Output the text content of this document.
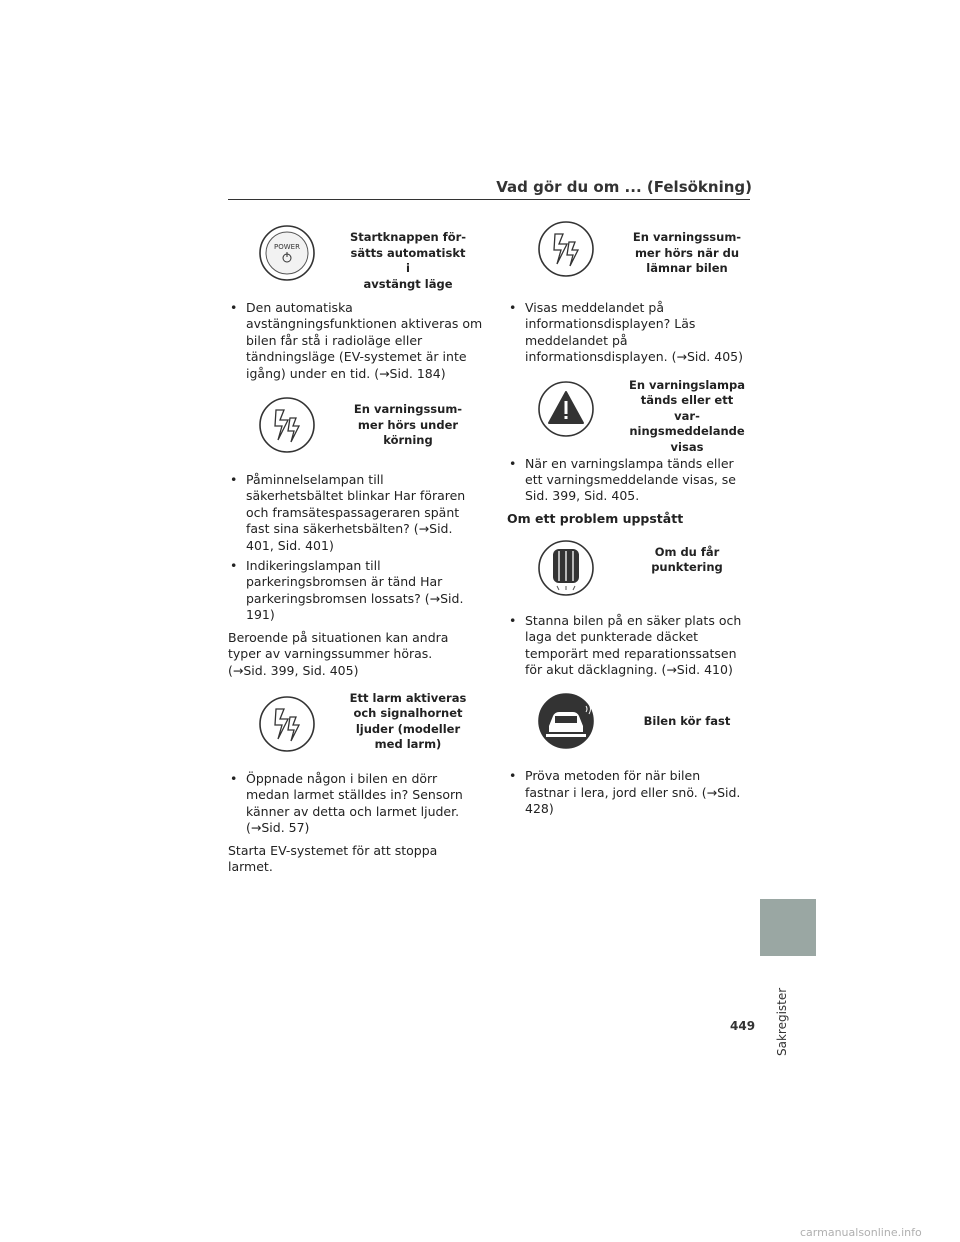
Vad gör du om ... (Felsökning)
POWER
Startknappen för-
sätts automatiskt i
avstängt läge

• Den automatiska avstängningsfunktionen aktiveras om bilen får stå i radioläge eller tändningsläge (EV-systemet är inte igång) under en tid. (→Sid. 184)

En varningssum-
mer hörs under
körning

• Påminnelselampan till säkerhetsbältet blinkar Har föraren och framsätespassageraren spänt fast sina säkerhetsbälten? (→Sid. 401, Sid. 401)

• Indikeringslampan till parkeringsbromsen är tänd Har parkeringsbromsen lossats? (→Sid. 191)

Beroende på situationen kan andra typer av varningssummer höras. (→Sid. 399, Sid. 405)

Ett larm aktiveras
och signalhornet
ljuder (modeller
med larm)

• Öppnade någon i bilen en dörr medan larmet ställdes in? Sensorn känner av detta och larmet ljuder. (→Sid. 57)

Starta EV-systemet för att stoppa larmet.

En varningssum-
mer hörs när du
lämnar bilen

• Visas meddelandet på informationsdisplayen? Läs meddelandet på informationsdisplayen. (→Sid. 405)

En varningslampa
tänds eller ett var-
ningsmeddelande
visas

• När en varningslampa tänds eller ett varningsmeddelande visas, se Sid. 399, Sid. 405.

Om ett problem uppstått

Om du får
punktering

• Stanna bilen på en säker plats och laga det punkterade däcket temporärt med reparationssatsen för akut däcklagning. (→Sid. 410)

Bilen kör fast

• Pröva metoden för när bilen fastnar i lera, jord eller snö. (→Sid. 428)

Sakregister
449
carmanualsonline.info
